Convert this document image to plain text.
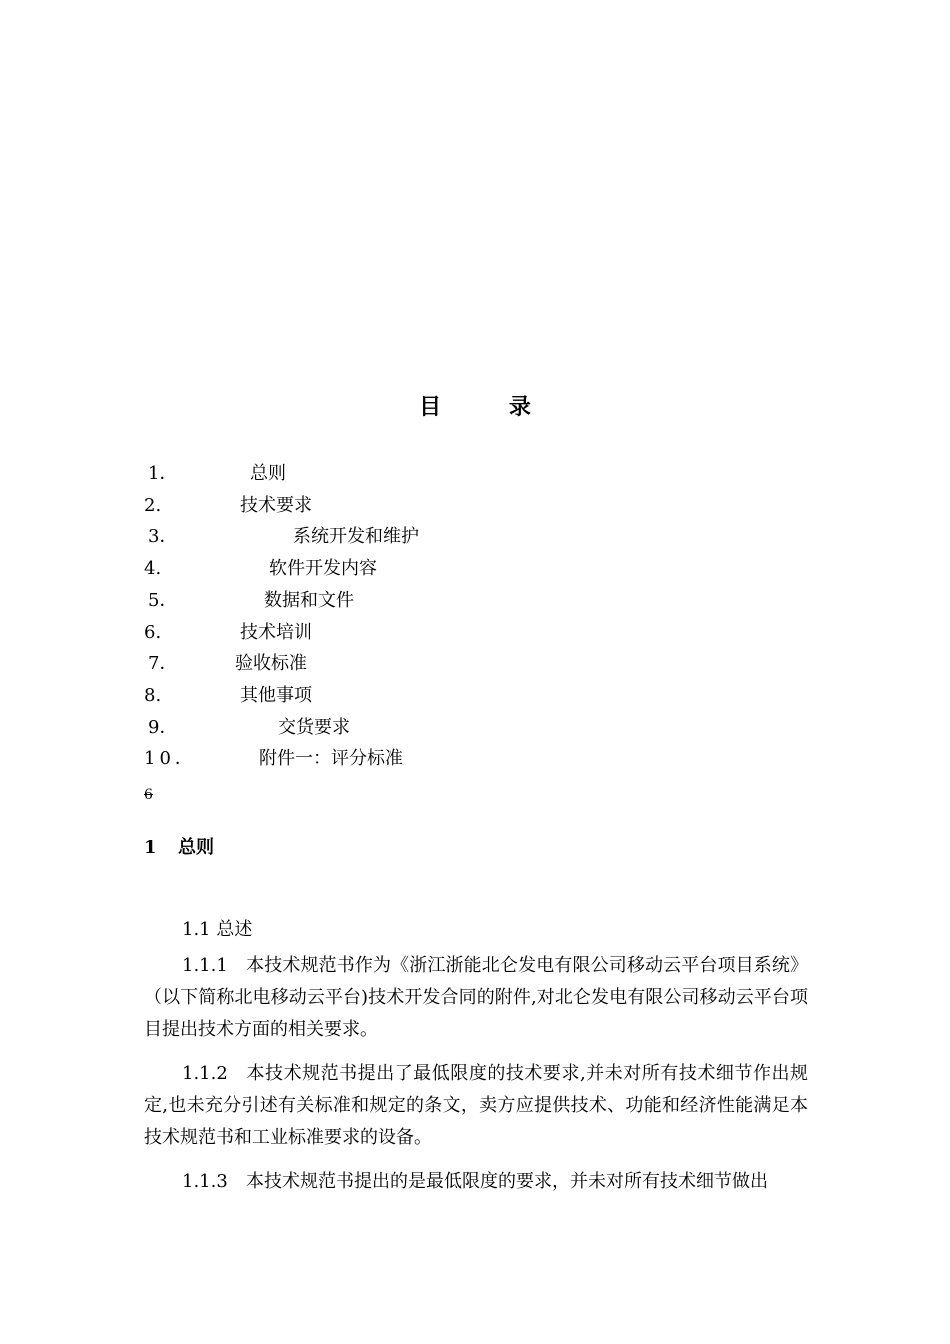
目 录
1．	总则
2.	技术要求
3．	系统开发和维护
4.	软件开发内容
5．	数据和文件
6.	技术培训
7．	验收标准
8.	其他事项
9．	交货要求
10．	附件一：评分标准
6
1 总则
1.1 总述
1.1.1 本技术规范书作为《浙江浙能北仑发电有限公司移动云平台项目系统》（以下简称北电移动云平台)技术开发合同的附件,对北仑发电有限公司移动云平台项目提出技术方面的相关要求。
1.1.2 本技术规范书提出了最低限度的技术要求,并未对所有技术细节作出规定,也未充分引述有关标准和规定的条文，卖方应提供技术、功能和经济性能满足本技术规范书和工业标准要求的设备。
1.1.3 本技术规范书提出的是最低限度的要求，并未对所有技术细节做出
